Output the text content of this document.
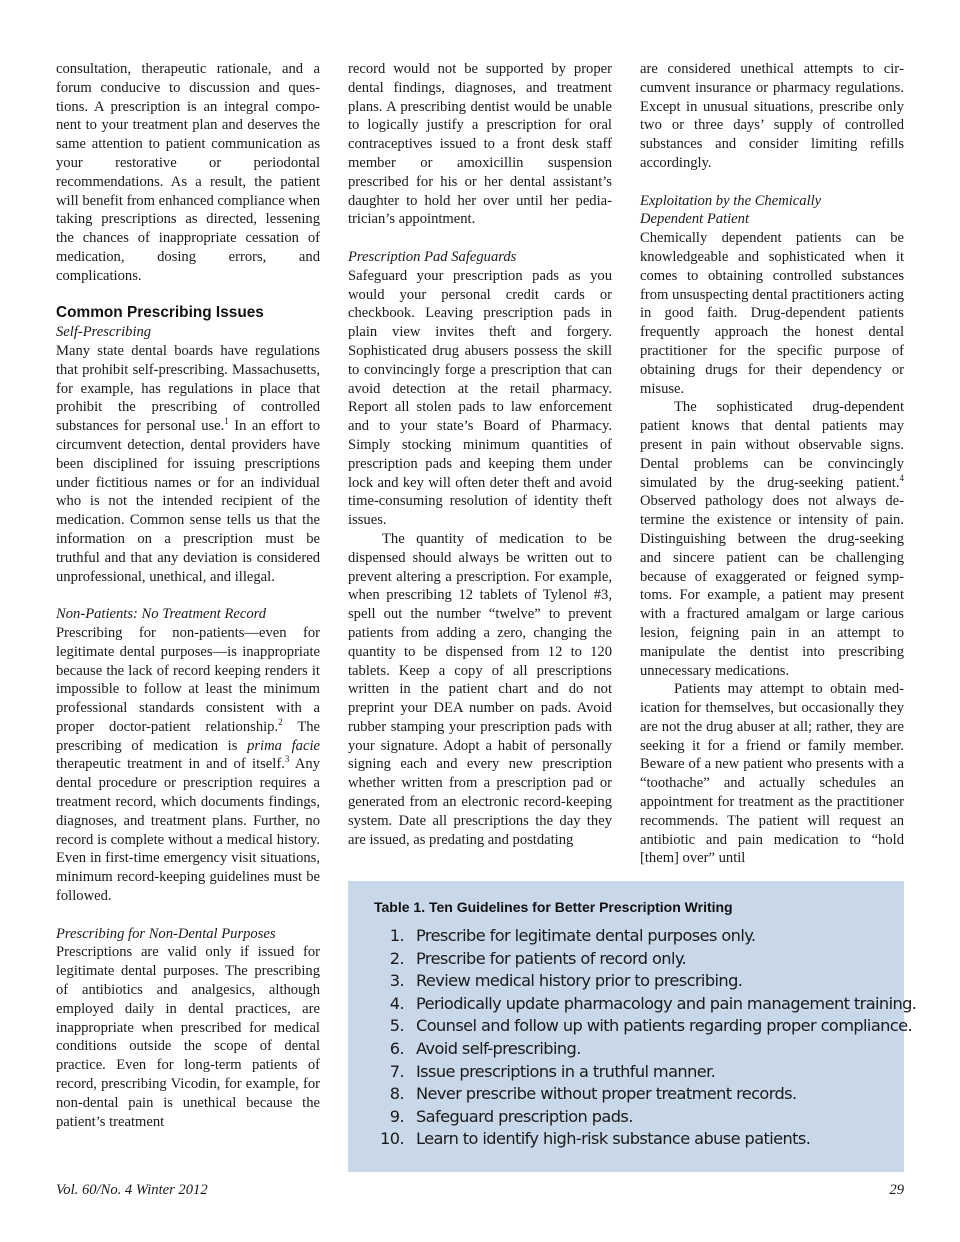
consultation, therapeutic rationale, and a forum conducive to discussion and questions. A prescription is an integral component to your treatment plan and deserves the same attention to patient communication as your restorative or periodontal recommendations. As a result, the patient will benefit from enhanced compliance when taking prescriptions as directed, lessening the chances of inappropriate cessation of medication, dosing errors, and complications.

Common Prescribing Issues

Self-Prescribing

Many state dental boards have regulations that prohibit self-prescribing. Massachusetts, for example, has regulations in place that prohibit the prescribing of controlled substances for personal use.$^1$ In an effort to circumvent detection, dental providers have been disciplined for issuing prescriptions under fictitious names or for an individual who is not the intended recipient of the medication. Common sense tells us that the information on a prescription must be truthful and that any deviation is considered unprofessional, unethical, and illegal.

Non-Patients: No Treatment Record

Prescribing for non-patients—even for legitimate dental purposes—is inappropriate because the lack of record keeping renders it impossible to follow at least the minimum professional standards consistent with a proper doctor-patient relationship.$^2$ The prescribing of medication is prima facie therapeutic treatment in and of itself.$^3$ Any dental procedure or prescription requires a treatment record, which documents findings, diagnoses, and treatment plans. Further, no record is complete without a medical history. Even in first-time emergency visit situations, minimum record-keeping guidelines must be followed.

Prescribing for Non-Dental Purposes

Prescriptions are valid only if issued for legitimate dental purposes. The prescribing of antibiotics and analgesics, although employed daily in dental practices, are inappropriate when prescribed for medical conditions outside the scope of dental practice. Even for long-term patients of record, prescribing Vicodin, for example, for non-dental pain is unethical because the patient’s treatment

record would not be supported by proper dental findings, diagnoses, and treatment plans. A prescribing dentist would be unable to logically justify a prescription for oral contraceptives issued to a front desk staff member or amoxicillin suspension prescribed for his or her dental assistant’s daughter to hold her over until her pediatrician’s appointment.

Prescription Pad Safeguards

Safeguard your prescription pads as you would your personal credit cards or checkbook. Leaving prescription pads in plain view invites theft and forgery. Sophisticated drug abusers possess the skill to convincingly forge a prescription that can avoid detection at the retail pharmacy. Report all stolen pads to law enforcement and to your state’s Board of Pharmacy. Simply stocking minimum quantities of prescription pads and keeping them under lock and key will often deter theft and avoid time-consuming resolution of identity theft issues.

The quantity of medication to be dispensed should always be written out to prevent altering a prescription. For example, when prescribing 12 tablets of Tylenol #3, spell out the number “twelve” to prevent patients from adding a zero, changing the quantity to be dispensed from 12 to 120 tablets. Keep a copy of all prescriptions written in the patient chart and do not preprint your DEA number on pads. Avoid rubber stamping your prescription pads with your signature. Adopt a habit of personally signing each and every new prescription whether written from a prescription pad or generated from an electronic record-keeping system. Date all prescriptions the day they are issued, as predating and postdating

are considered unethical attempts to circumvent insurance or pharmacy regulations. Except in unusual situations, prescribe only two or three days’ supply of controlled substances and consider limiting refills accordingly.

Exploitation by the Chemically
Dependent Patient

Chemically dependent patients can be knowledgeable and sophisticated when it comes to obtaining controlled substances from unsuspecting dental practitioners acting in good faith. Drug-dependent patients frequently approach the honest dental practitioner for the specific purpose of obtaining drugs for their dependency or misuse.

The sophisticated drug-dependent patient knows that dental patients may present in pain without observable signs. Dental problems can be convincingly simulated by the drug-seeking patient.$^4$ Observed pathology does not always determine the existence or intensity of pain. Distinguishing between the drug-seeking and sincere patient can be challenging because of exaggerated or feigned symptoms. For example, a patient may present with a fractured amalgam or large carious lesion, feigning pain in an attempt to manipulate the dentist into prescribing unnecessary medications.

Patients may attempt to obtain medication for themselves, but occasionally they are not the drug abuser at all; rather, they are seeking it for a friend or family member. Beware of a new patient who presents with a “toothache” and actually schedules an appointment for treatment as the practitioner recommends. The patient will request an antibiotic and pain medication to “hold [them] over” until

Table 1. Ten Guidelines for Better Prescription Writing
1. Prescribe for legitimate dental purposes only.
2. Prescribe for patients of record only.
3. Review medical history prior to prescribing.
4. Periodically update pharmacology and pain management training.
5. Counsel and follow up with patients regarding proper compliance.
6. Avoid self-prescribing.
7. Issue prescriptions in a truthful manner.
8. Never prescribe without proper treatment records.
9. Safeguard prescription pads.
10. Learn to identify high-risk substance abuse patients.
Vol. 60/No. 4 Winter 2012	29
